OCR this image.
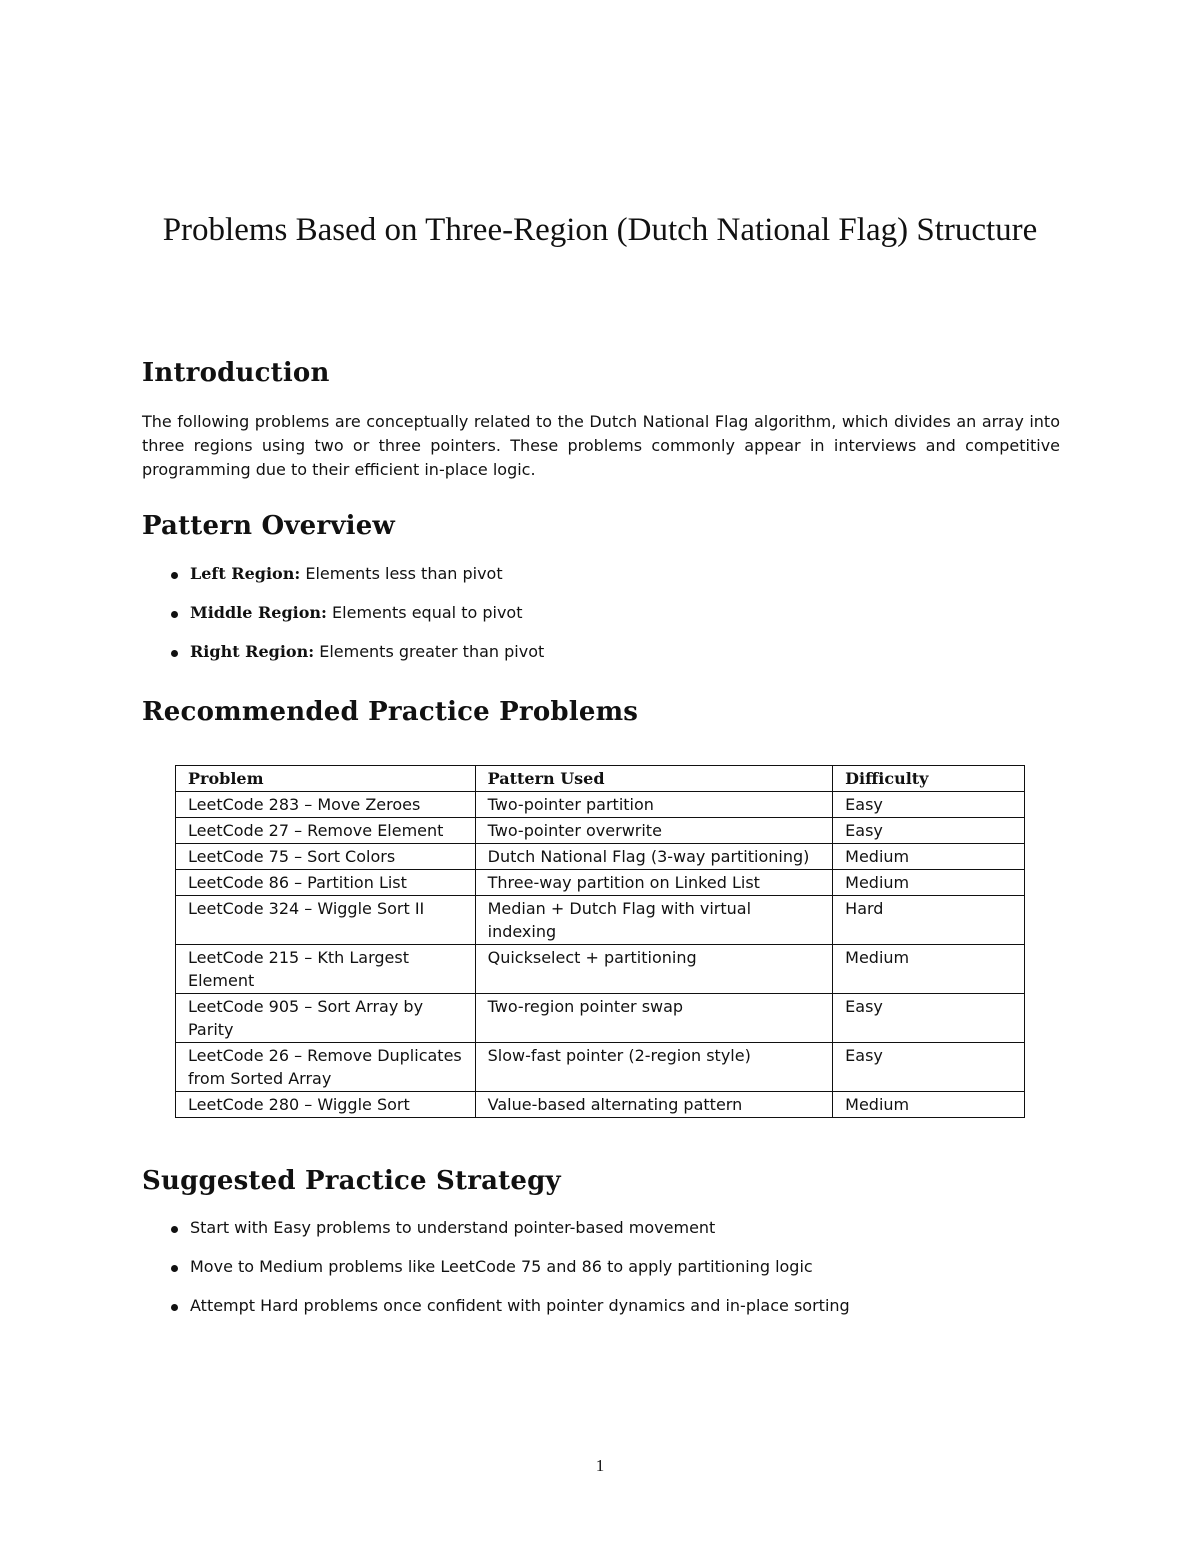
Problems Based on Three-Region (Dutch National Flag) Structure
Introduction

The following problems are conceptually related to the Dutch National Flag algorithm, which divides an array into three regions using two or three pointers. These problems commonly appear in interviews and competitive programming due to their efficient in-place logic.

Pattern Overview
Left Region: Elements less than pivot
Middle Region: Elements equal to pivot
Right Region: Elements greater than pivot
Recommended Practice Problems
Problem	Pattern Used	Difficulty
LeetCode 283 – Move Zeroes	Two-pointer partition	Easy
LeetCode 27 – Remove Element	Two-pointer overwrite	Easy
LeetCode 75 – Sort Colors	Dutch National Flag (3-way partitioning)	Medium
LeetCode 86 – Partition List	Three-way partition on Linked List	Medium
LeetCode 324 – Wiggle Sort II	Median + Dutch Flag with virtual indexing	Hard
LeetCode 215 – Kth Largest Element	Quickselect + partitioning	Medium
LeetCode 905 – Sort Array by Parity	Two-region pointer swap	Easy
LeetCode 26 – Remove Duplicates from Sorted Array	Slow-fast pointer (2-region style)	Easy
LeetCode 280 – Wiggle Sort	Value-based alternating pattern	Medium
Suggested Practice Strategy
Start with Easy problems to understand pointer-based movement
Move to Medium problems like LeetCode 75 and 86 to apply partitioning logic
Attempt Hard problems once confident with pointer dynamics and in-place sorting

1
